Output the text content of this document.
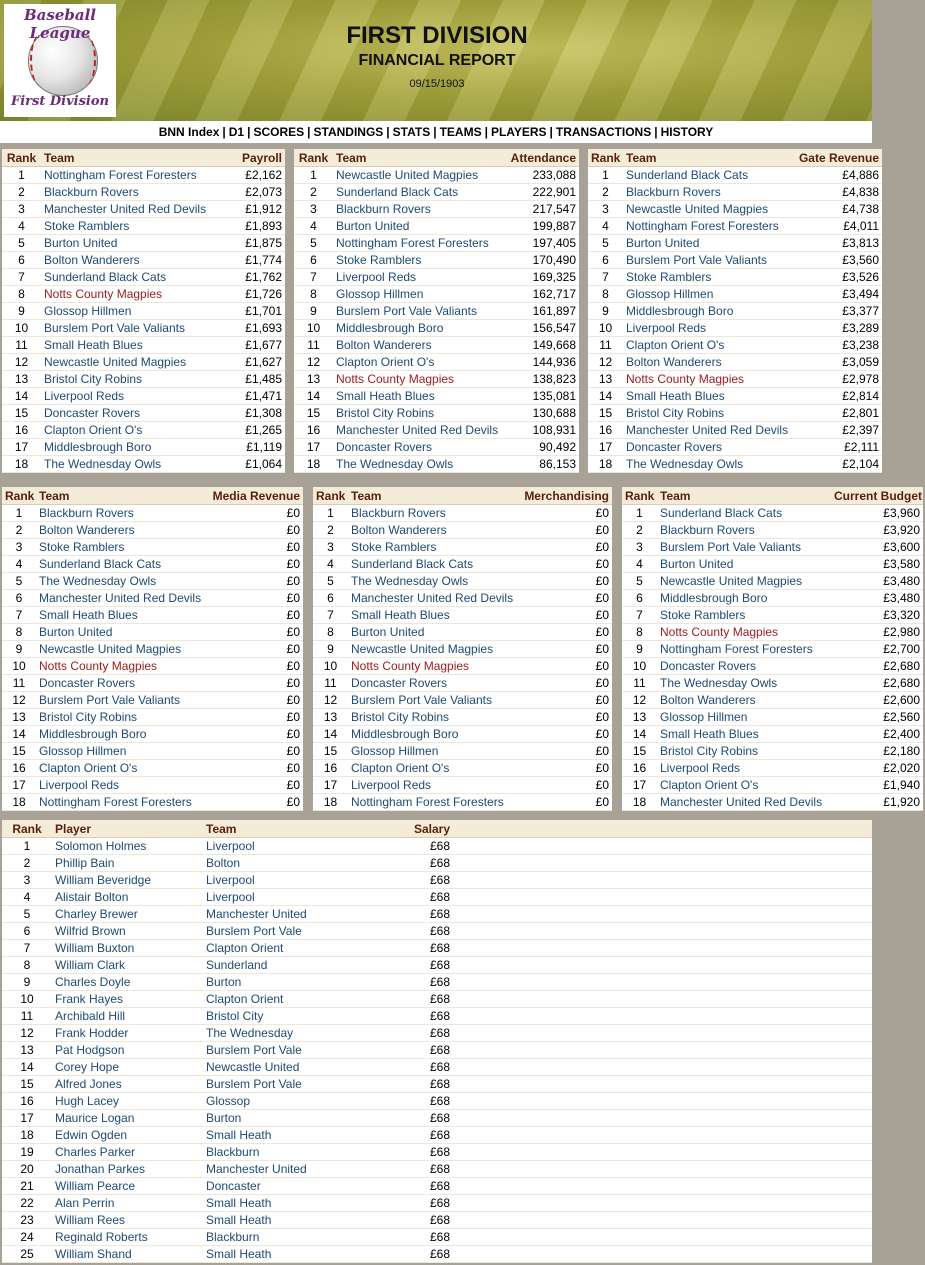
Baseball League
First Division
FIRST DIVISION
FINANCIAL REPORT
09/15/1903
BNN Index | D1 | SCORES | STANDINGS | STATS | TEAMS | PLAYERS | TRANSACTIONS | HISTORY
Rank	Team	Payroll
1	Nottingham Forest Foresters	£2,162
2	Blackburn Rovers	£2,073
3	Manchester United Red Devils	£1,912
4	Stoke Ramblers	£1,893
5	Burton United	£1,875
6	Bolton Wanderers	£1,774
7	Sunderland Black Cats	£1,762
8	Notts County Magpies	£1,726
9	Glossop Hillmen	£1,701
10	Burslem Port Vale Valiants	£1,693
11	Small Heath Blues	£1,677
12	Newcastle United Magpies	£1,627
13	Bristol City Robins	£1,485
14	Liverpool Reds	£1,471
15	Doncaster Rovers	£1,308
16	Clapton Orient O's	£1,265
17	Middlesbrough Boro	£1,119
18	The Wednesday Owls	£1,064
Rank	Team	Attendance
1	Newcastle United Magpies	233,088
2	Sunderland Black Cats	222,901
3	Blackburn Rovers	217,547
4	Burton United	199,887
5	Nottingham Forest Foresters	197,405
6	Stoke Ramblers	170,490
7	Liverpool Reds	169,325
8	Glossop Hillmen	162,717
9	Burslem Port Vale Valiants	161,897
10	Middlesbrough Boro	156,547
11	Bolton Wanderers	149,668
12	Clapton Orient O's	144,936
13	Notts County Magpies	138,823
14	Small Heath Blues	135,081
15	Bristol City Robins	130,688
16	Manchester United Red Devils	108,931
17	Doncaster Rovers	90,492
18	The Wednesday Owls	86,153
Rank	Team	Gate Revenue
1	Sunderland Black Cats	£4,886
2	Blackburn Rovers	£4,838
3	Newcastle United Magpies	£4,738
4	Nottingham Forest Foresters	£4,011
5	Burton United	£3,813
6	Burslem Port Vale Valiants	£3,560
7	Stoke Ramblers	£3,526
8	Glossop Hillmen	£3,494
9	Middlesbrough Boro	£3,377
10	Liverpool Reds	£3,289
11	Clapton Orient O's	£3,238
12	Bolton Wanderers	£3,059
13	Notts County Magpies	£2,978
14	Small Heath Blues	£2,814
15	Bristol City Robins	£2,801
16	Manchester United Red Devils	£2,397
17	Doncaster Rovers	£2,111
18	The Wednesday Owls	£2,104
Rank	Team	Media Revenue
1	Blackburn Rovers	£0
2	Bolton Wanderers	£0
3	Stoke Ramblers	£0
4	Sunderland Black Cats	£0
5	The Wednesday Owls	£0
6	Manchester United Red Devils	£0
7	Small Heath Blues	£0
8	Burton United	£0
9	Newcastle United Magpies	£0
10	Notts County Magpies	£0
11	Doncaster Rovers	£0
12	Burslem Port Vale Valiants	£0
13	Bristol City Robins	£0
14	Middlesbrough Boro	£0
15	Glossop Hillmen	£0
16	Clapton Orient O's	£0
17	Liverpool Reds	£0
18	Nottingham Forest Foresters	£0
Rank	Team	Merchandising
1	Blackburn Rovers	£0
2	Bolton Wanderers	£0
3	Stoke Ramblers	£0
4	Sunderland Black Cats	£0
5	The Wednesday Owls	£0
6	Manchester United Red Devils	£0
7	Small Heath Blues	£0
8	Burton United	£0
9	Newcastle United Magpies	£0
10	Notts County Magpies	£0
11	Doncaster Rovers	£0
12	Burslem Port Vale Valiants	£0
13	Bristol City Robins	£0
14	Middlesbrough Boro	£0
15	Glossop Hillmen	£0
16	Clapton Orient O's	£0
17	Liverpool Reds	£0
18	Nottingham Forest Foresters	£0
Rank	Team	Current Budget
1	Sunderland Black Cats	£3,960
2	Blackburn Rovers	£3,920
3	Burslem Port Vale Valiants	£3,600
4	Burton United	£3,580
5	Newcastle United Magpies	£3,480
6	Middlesbrough Boro	£3,480
7	Stoke Ramblers	£3,320
8	Notts County Magpies	£2,980
9	Nottingham Forest Foresters	£2,700
10	Doncaster Rovers	£2,680
11	The Wednesday Owls	£2,680
12	Bolton Wanderers	£2,600
13	Glossop Hillmen	£2,560
14	Small Heath Blues	£2,400
15	Bristol City Robins	£2,180
16	Liverpool Reds	£2,020
17	Clapton Orient O's	£1,940
18	Manchester United Red Devils	£1,920
Rank	Player	Team	Salary	
1	Solomon Holmes	Liverpool	£68	
2	Phillip Bain	Bolton	£68	
3	William Beveridge	Liverpool	£68	
4	Alistair Bolton	Liverpool	£68	
5	Charley Brewer	Manchester United	£68	
6	Wilfrid Brown	Burslem Port Vale	£68	
7	William Buxton	Clapton Orient	£68	
8	William Clark	Sunderland	£68	
9	Charles Doyle	Burton	£68	
10	Frank Hayes	Clapton Orient	£68	
11	Archibald Hill	Bristol City	£68	
12	Frank Hodder	The Wednesday	£68	
13	Pat Hodgson	Burslem Port Vale	£68	
14	Corey Hope	Newcastle United	£68	
15	Alfred Jones	Burslem Port Vale	£68	
16	Hugh Lacey	Glossop	£68	
17	Maurice Logan	Burton	£68	
18	Edwin Ogden	Small Heath	£68	
19	Charles Parker	Blackburn	£68	
20	Jonathan Parkes	Manchester United	£68	
21	William Pearce	Doncaster	£68	
22	Alan Perrin	Small Heath	£68	
23	William Rees	Small Heath	£68	
24	Reginald Roberts	Blackburn	£68	
25	William Shand	Small Heath	£68	
